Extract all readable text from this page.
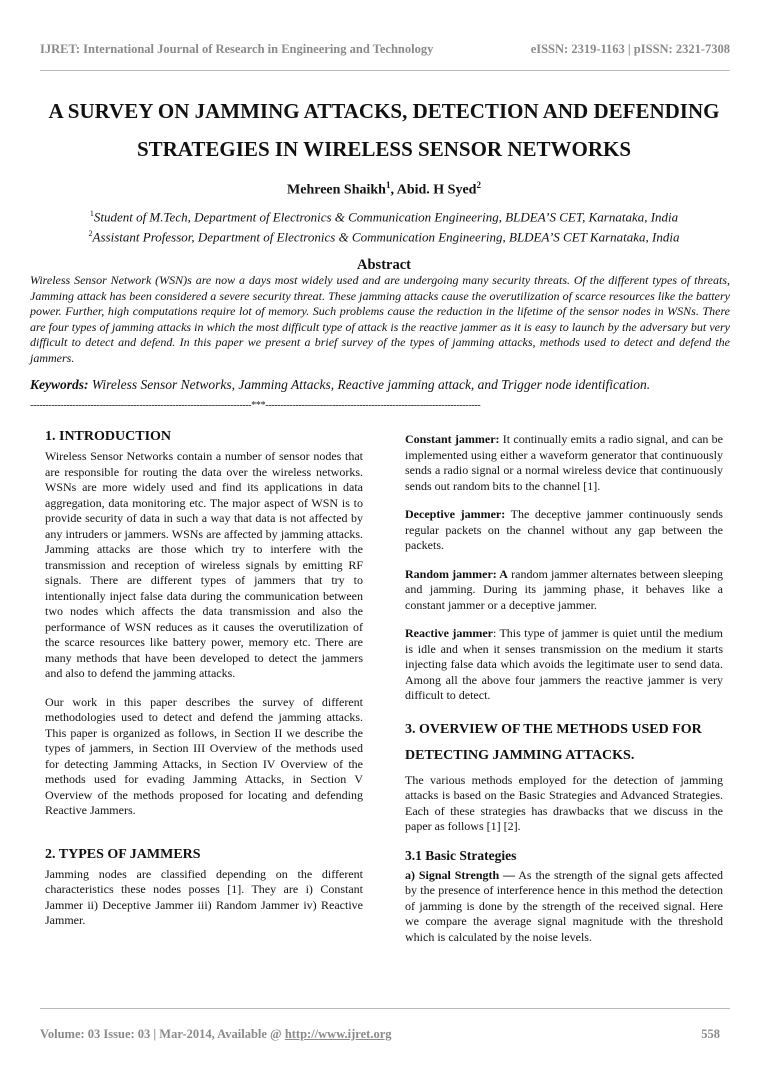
IJRET: International Journal of Research in Engineering and Technology	eISSN: 2319-1163 | pISSN: 2321-7308
A SURVEY ON JAMMING ATTACKS, DETECTION AND DEFENDING
STRATEGIES IN WIRELESS SENSOR NETWORKS
Mehreen Shaikh$^1$, Abid. H Syed$^2$
$^1$Student of M.Tech, Department of Electronics & Communication Engineering, BLDEA’S CET, Karnataka, India
$^2$Assistant Professor, Department of Electronics & Communication Engineering, BLDEA’S CET Karnataka, India
Abstract
Wireless Sensor Network (WSN)s are now a days most widely used and are undergoing many security threats. Of the different types of threats, Jamming attack has been considered a severe security threat. These jamming attacks cause the overutilization of scarce resources like the battery power. Further, high computations require lot of memory. Such problems cause the reduction in the lifetime of the sensor nodes in WSNs. There are four types of jamming attacks in which the most difficult type of attack is the reactive jammer as it is easy to launch by the adversary but very difficult to detect and defend. In this paper we present a brief survey of the types of jamming attacks, methods used to detect and defend the jammers.
Keywords: Wireless Sensor Networks, Jamming Attacks, Reactive jamming attack, and Trigger node identification.
-------------------------------------------------------------------------***-----------------------------------------------------------------------
1. INTRODUCTION

Wireless Sensor Networks contain a number of sensor nodes that are responsible for routing the data over the wireless networks. WSNs are more widely used and find its applications in data aggregation, data monitoring etc. The major aspect of WSN is to provide security of data in such a way that data is not affected by any intruders or jammers. WSNs are affected by jamming attacks. Jamming attacks are those which try to interfere with the transmission and reception of wireless signals by emitting RF signals. There are different types of jammers that try to intentionally inject false data during the communication between two nodes which affects the data transmission and also the performance of WSN reduces as it causes the overutilization of the scarce resources like battery power, memory etc. There are many methods that have been developed to detect the jammers and also to defend the jamming attacks.

Our work in this paper describes the survey of different methodologies used to detect and defend the jamming attacks. This paper is organized as follows, in Section II we describe the types of jammers, in Section III Overview of the methods used for detecting Jamming Attacks, in Section IV Overview of the methods used for evading Jamming Attacks, in Section V Overview of the methods proposed for locating and defending Reactive Jammers.

2. TYPES OF JAMMERS

Jamming nodes are classified depending on the different characteristics these nodes posses [1]. They are i) Constant Jammer ii) Deceptive Jammer iii) Random Jammer iv) Reactive Jammer.

Constant jammer: It continually emits a radio signal, and can be implemented using either a waveform generator that continuously sends a radio signal or a normal wireless device that continuously sends out random bits to the channel [1].

Deceptive jammer: The deceptive jammer continuously sends regular packets on the channel without any gap between the packets.

Random jammer: A random jammer alternates between sleeping and jamming. During its jamming phase, it behaves like a constant jammer or a deceptive jammer.

Reactive jammer: This type of jammer is quiet until the medium is idle and when it senses transmission on the medium it starts injecting false data which avoids the legitimate user to send data. Among all the above four jammers the reactive jammer is very difficult to detect.

3. OVERVIEW OF THE METHODS USED FOR DETECTING JAMMING ATTACKS.

The various methods employed for the detection of jamming attacks is based on the Basic Strategies and Advanced Strategies. Each of these strategies has drawbacks that we discuss in the paper as follows [1] [2].

3.1 Basic Strategies

a) Signal Strength — As the strength of the signal gets affected by the presence of interference hence in this method the detection of jamming is done by the strength of the received signal. Here we compare the average signal magnitude with the threshold which is calculated by the noise levels.

Volume: 03 Issue: 03 | Mar-2014, Available @ http://www.ijret.org	558
